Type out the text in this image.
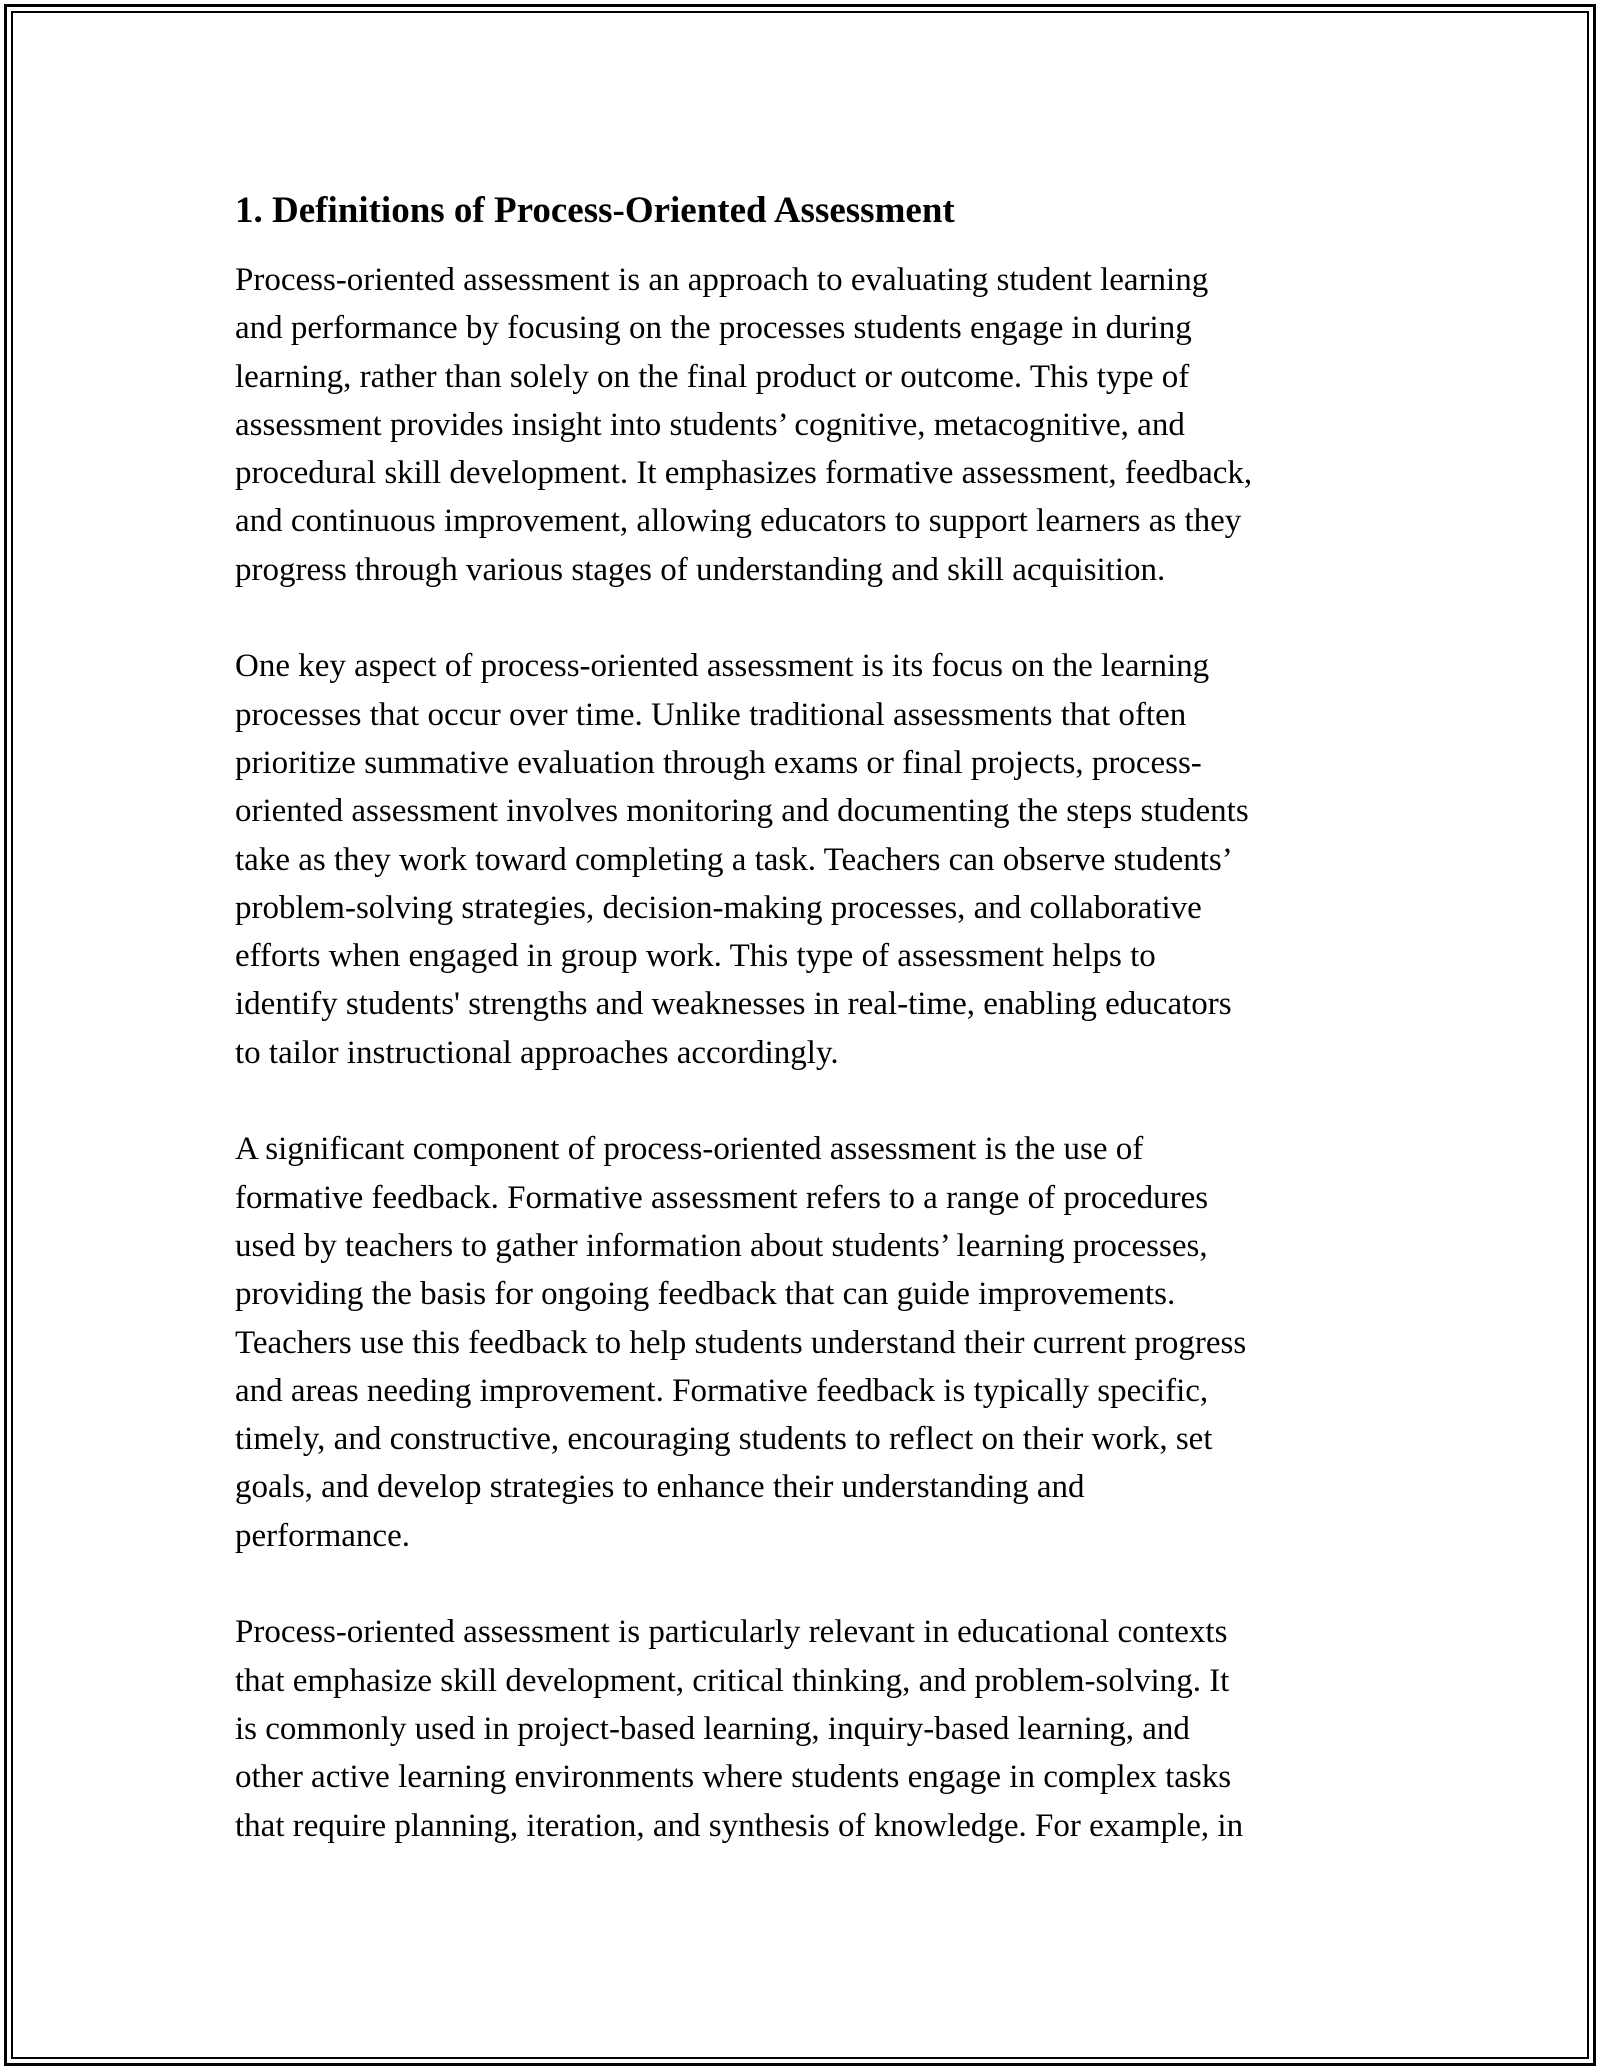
1. Definitions of Process-Oriented Assessment

Process-oriented assessment is an approach to evaluating student learning
and performance by focusing on the processes students engage in during
learning, rather than solely on the final product or outcome. This type of
assessment provides insight into students’ cognitive, metacognitive, and
procedural skill development. It emphasizes formative assessment, feedback,
and continuous improvement, allowing educators to support learners as they
progress through various stages of understanding and skill acquisition.

One key aspect of process-oriented assessment is its focus on the learning
processes that occur over time. Unlike traditional assessments that often
prioritize summative evaluation through exams or final projects, process-
oriented assessment involves monitoring and documenting the steps students
take as they work toward completing a task. Teachers can observe students’
problem-solving strategies, decision-making processes, and collaborative
efforts when engaged in group work. This type of assessment helps to
identify students' strengths and weaknesses in real-time, enabling educators
to tailor instructional approaches accordingly.

A significant component of process-oriented assessment is the use of
formative feedback. Formative assessment refers to a range of procedures
used by teachers to gather information about students’ learning processes,
providing the basis for ongoing feedback that can guide improvements.
Teachers use this feedback to help students understand their current progress
and areas needing improvement. Formative feedback is typically specific,
timely, and constructive, encouraging students to reflect on their work, set
goals, and develop strategies to enhance their understanding and
performance.

Process-oriented assessment is particularly relevant in educational contexts
that emphasize skill development, critical thinking, and problem-solving. It
is commonly used in project-based learning, inquiry-based learning, and
other active learning environments where students engage in complex tasks
that require planning, iteration, and synthesis of knowledge. For example, in
